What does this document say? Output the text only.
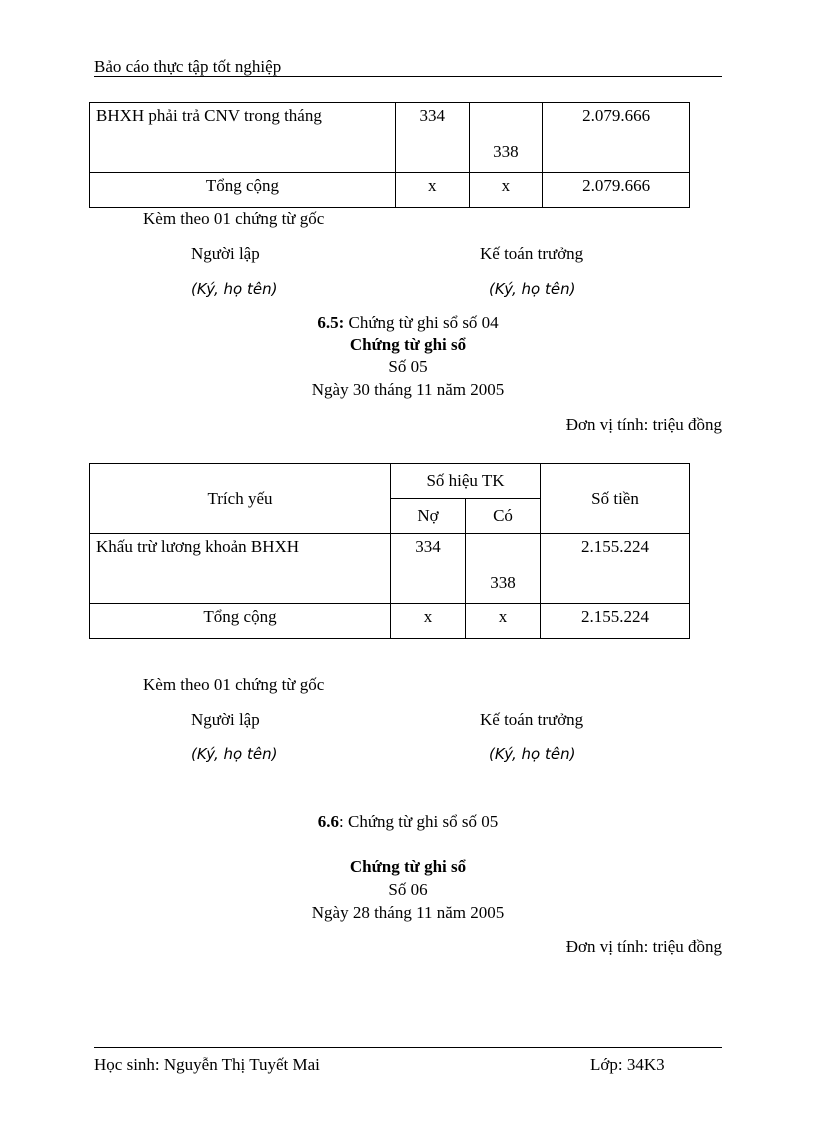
Bảo cáo thực tập tốt nghiệp
BHXH phải trả CNV trong tháng	334	338	2.079.666
Tổng cộng	x	x	2.079.666
Kèm theo 01 chứng từ gốc
Người lập	Kế toán trưởng
(Ký, họ tên)	(Ký, họ tên)
6.5: Chứng từ ghi sổ số 04
Chứng từ ghi sổ
Số 05
Ngày 30 tháng 11 năm 2005
Đơn vị tính: triệu đồng
Trích yếu	Số hiệu TK		Số tiền
	Nợ	Có	
Khấu trừ lương khoản BHXH	334	338	2.155.224
Tổng cộng	x	x	2.155.224
Kèm theo 01 chứng từ gốc
Người lập	Kế toán trưởng
(Ký, họ tên)	(Ký, họ tên)
6.6: Chứng từ ghi sổ số 05
Chứng từ ghi sổ
Số 06
Ngày 28 tháng 11 năm 2005
Đơn vị tính: triệu đồng
Học sinh: Nguyễn Thị Tuyết Mai	Lớp: 34K3
